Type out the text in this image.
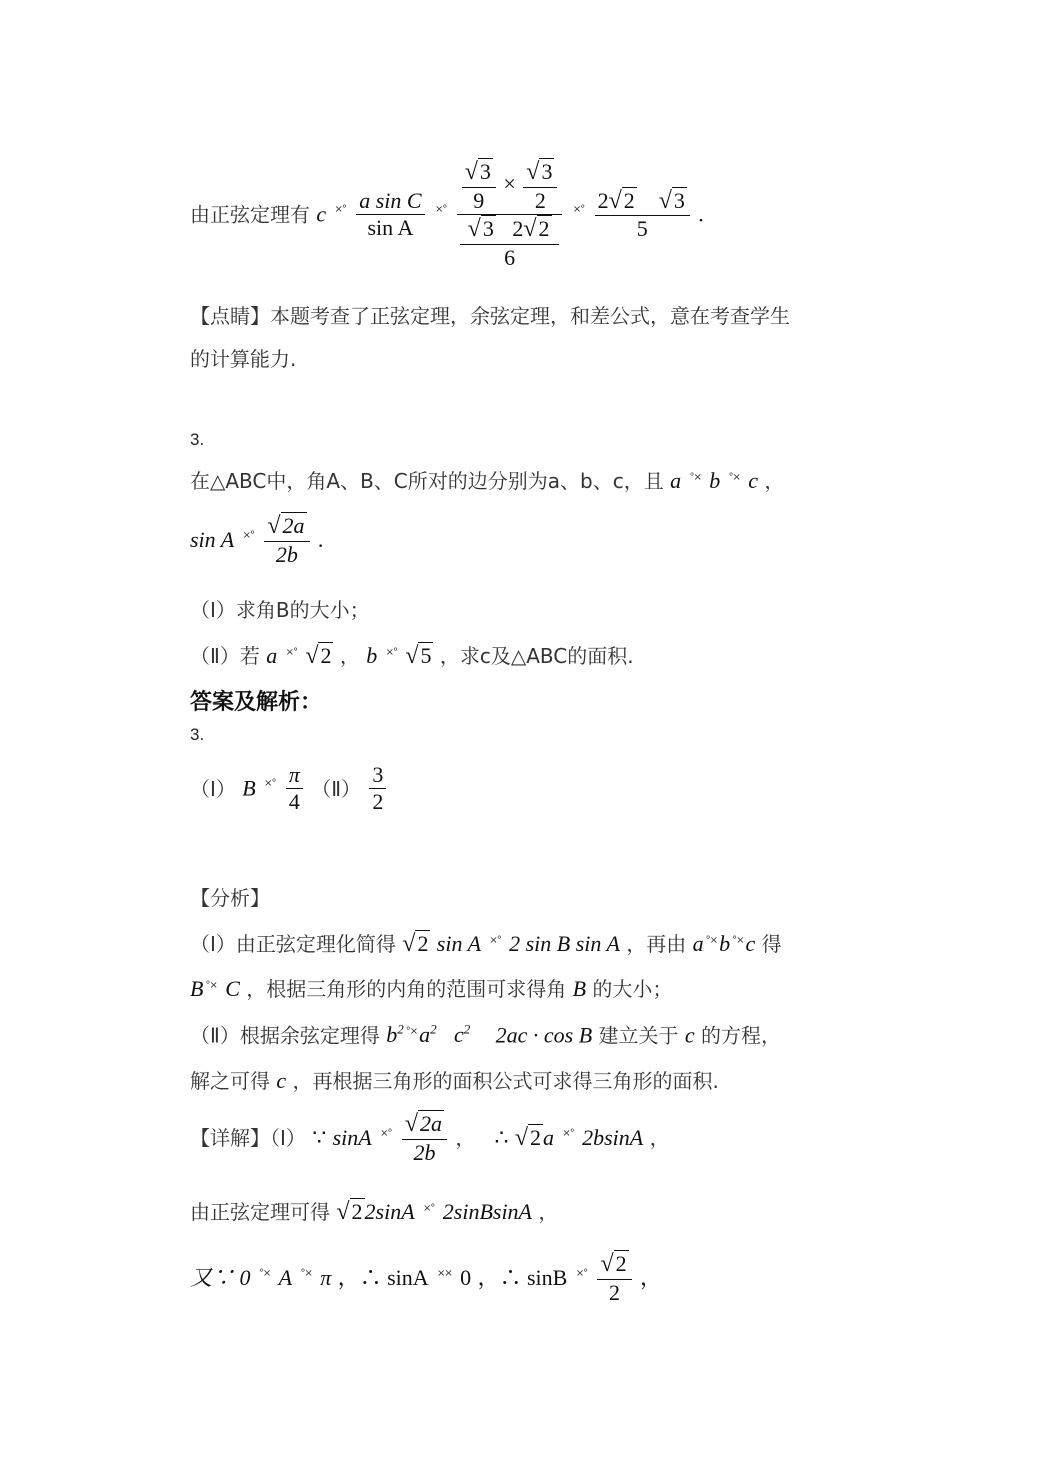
由正弦定理有 c $^{\times^\circ} \frac{\text{a sin C}}{\text{sin A}} ^{\times^\circ} \frac{√3}{9} \times \frac{√3}{2}$
√3 2√2
6
$^{\times^\circ} \frac{2√2 √3}{5}$ .
【点睛】本题考查了正弦定理，余弦定理，和差公式，意在考查学生
的计算能力.
3.
在△ABC中，角A、B、C所对的边分别为a、b、c，且 a °× b °× c ，
sin A $^{\times^\circ} \frac{√2a}{2b}$ .
（Ⅰ）求角B的大小；
（Ⅱ）若 a ×° √2 ， b ×° √5 ，求c及△ABC的面积.
答案及解析：
3.
（Ⅰ） B $^{\times^\circ} \frac{\pi}{4}$ （Ⅱ） $\frac{3}{2}$
【分析】
（Ⅰ）由正弦定理化简得 √2 sin A ×° 2 sin B sin A ，再由 a °×b °×c 得
B °× C ，根据三角形的内角的范围可求得角 B 的大小；
（Ⅱ）根据余弦定理得 $b^2$ $^{^\circ\times}a^2$   $c^2$ 2ac · cos B 建立关于 c 的方程，
解之可得 c ，再根据三角形的面积公式可求得三角形的面积.
【详解】（Ⅰ） ∵ sinA $^{\times^\circ} \frac{√2a}{2b}$ ，   ∴ √2a ×° 2bsinA ，
由正弦定理可得 √22sinA ×° 2sinBsinA ，
又∵ 0 °× A °× π ，∴ sinA ×× 0 ，∴ sinB $^{\times^\circ} \frac{√2}{2}$ ，
